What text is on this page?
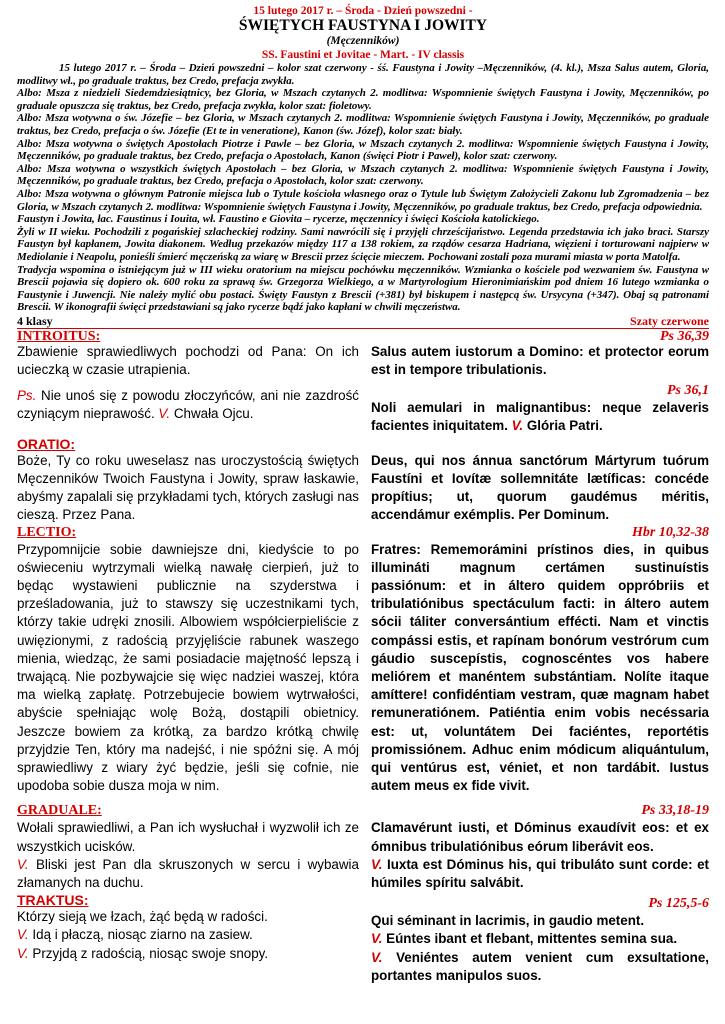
15 lutego 2017 r. – Środa - Dzień powszedni -
ŚWIĘTYCH FAUSTYNA I JOWITY
(Męczenników)
SS. Faustini et Jovitae - Mart. - IV classis

15 lutego 2017 r. – Środa – Dzień powszedni – kolor szat czerwony - śś. Faustyna i Jowity –Męczenników, (4. kl.), Msza Salus autem, Gloria, modlitwy wł., po graduale traktus, bez Credo, prefacja zwykła.

Albo: Msza z niedzieli Siedemdziesiątnicy, bez Gloria, w Mszach czytanych 2. modlitwa: Wspomnienie świętych Faustyna i Jowity, Męczenników, po graduale opuszcza się traktus, bez Credo, prefacja zwykła, kolor szat: fioletowy.

Albo: Msza wotywna o św. Józefie – bez Gloria, w Mszach czytanych 2. modlitwa: Wspomnienie świętych Faustyna i Jowity, Męczenników, po graduale traktus, bez Credo, prefacja o św. Józefie (Et te in veneratione), Kanon (św. Józef), kolor szat: biały.

Albo: Msza wotywna o świętych Apostołach Piotrze i Pawle – bez Gloria, w Mszach czytanych 2. modlitwa: Wspomnienie świętych Faustyna i Jowity, Męczenników, po graduale traktus, bez Credo, prefacja o Apostołach, Kanon (święci Piotr i Paweł), kolor szat: czerwony.

Albo: Msza wotywna o wszystkich świętych Apostołach – bez Gloria, w Mszach czytanych 2. modlitwa: Wspomnienie świętych Faustyna i Jowity, Męczenników, po graduale traktus, bez Credo, prefacja o Apostołach, kolor szat: czerwony.

Albo: Msza wotywna o głównym Patronie miejsca lub o Tytule kościoła własnego oraz o Tytule lub Świętym Założycieli Zakonu lub Zgromadzenia – bez Gloria, w Mszach czytanych 2. modlitwa: Wspomnienie świętych Faustyna i Jowity, Męczenników, po graduale traktus, bez Credo, prefacja odpowiednia.

Faustyn i Jowita, łac. Faustinus i Iouita, wł. Faustino e Giovita – rycerze, męczennicy i święci Kościoła katolickiego.

Żyli w II wieku. Pochodzili z pogańskiej szlacheckiej rodziny. Sami nawrócili się i przyjęli chrześcijaństwo. Legenda przedstawia ich jako braci. Starszy Faustyn był kapłanem, Jowita diakonem. Według przekazów między 117 a 138 rokiem, za rządów cesarza Hadriana, więzieni i torturowani najpierw w Mediolanie i Neapolu, ponieśli śmierć męczeńską za wiarę w Brescii przez ścięcie mieczem. Pochowani zostali poza murami miasta w porta Matolfa.

Tradycja wspomina o istniejącym już w III wieku oratorium na miejscu pochówku męczenników. Wzmianka o kościele pod wezwaniem św. Faustyna w Brescii pojawia się dopiero ok. 600 roku za sprawą św. Grzegorza Wielkiego, a w Martyrologium Hieronimiańskim pod dniem 16 lutego wzmianka o Faustynie i Juwencji. Nie należy mylić obu postaci. Święty Faustyn z Brescii (+381) był biskupem i następcą św. Ursycyna (+347). Obaj są patronami Brescii. W ikonografii święci przedstawiani są jako rycerze bądź jako kapłani w chwili męczeństwa.

4 klasy	Szaty czerwone
INTROITUS:	Ps 36,39

Zbawienie sprawiedliwych pochodzi od Pana: On ich ucieczką w czasie utrapienia.

Ps. Nie unoś się z powodu złoczyńców, ani nie zazdrość czyniącym nieprawość. V. Chwała Ojcu.

Salus autem iustorum a Domino: et protector eorum est in tempore tribulationis.

Ps 36,1

Noli aemulari in malignantibus: neque zelaveris facientes iniquitatem. V. Glória Patri.

ORATIO:

Boże, Ty co roku uweselasz nas uroczystością świętych Męczenników Twoich Faustyna i Jowity, spraw łaskawie, abyśmy zapalali się przykładami tych, których zasługi nas cieszą. Przez Pana.

Deus, qui nos ánnua sanctórum Mártyrum tuórum Faustíni et Iovítæ sollemnitáte lætíficas: concéde propítius; ut, quorum gaudémus méritis, accendámur exémplis. Per Dominum.

LECTIO:	Hbr 10,32-38

Przypomnijcie sobie dawniejsze dni, kiedyście to po oświeceniu wytrzymali wielką nawałę cierpień, już to będąc wystawieni publicznie na szyderstwa i prześladowania, już to stawszy się uczestnikami tych, którzy takie udręki znosili. Albowiem współcierpieliście z uwięzionymi, z radością przyjęliście rabunek waszego mienia, wiedząc, że sami posiadacie majętność lepszą i trwającą. Nie pozbywajcie się więc nadziei waszej, która ma wielką zapłatę. Potrzebujecie bowiem wytrwałości, abyście spełniając wolę Bożą, dostąpili obietnicy. Jeszcze bowiem za krótką, za bardzo krótką chwilę przyjdzie Ten, który ma nadejść, i nie spóźni się. A mój sprawiedliwy z wiary żyć będzie, jeśli się cofnie, nie upodoba sobie dusza moja w nim.

Fratres: Rememorámini prístinos dies, in quibus illumináti magnum certámen sustinuístis passiónum: et in áltero quidem oppróbriis et tribulatiónibus spectáculum facti: in áltero autem sócii táliter conversántium effécti. Nam et vinctis compássi estis, et rapínam bonórum vestrórum cum gáudio suscepístis, cognoscéntes vos habere meliórem et manéntem substántiam. Nolíte itaque amíttere! confidéntiam vestram, quæ magnam habet remuneratiónem. Patiéntia enim vobis necéssaria est: ut, voluntátem Dei faciéntes, reportétis promissiónem. Adhuc enim módicum aliquántulum, qui ventúrus est, véniet, et non tardábit. Iustus autem meus ex fide vivit.

GRADUALE:	Ps 33,18-19

Wołali sprawiedliwi, a Pan ich wysłuchał i wyzwolił ich ze wszystkich ucisków.

V. Bliski jest Pan dla skruszonych w sercu i wybawia złamanych na duchu.

TRAKTUS:

Którzy sieją we łzach, żąć będą w radości.

V. Idą i płaczą, niosąc ziarno na zasiew.

V. Przyjdą z radością, niosąc swoje snopy.

Clamavérunt iusti, et Dóminus exaudívit eos: et ex ómnibus tribulatiónibus eórum liberávit eos.

V. Iuxta est Dóminus his, qui tribuláto sunt corde: et húmiles spíritu salvábit.

Ps 125,5-6

Qui séminant in lacrimis, in gaudio metent.

V. Eúntes ibant et flebant, mittentes semina sua.

V. Veniéntes autem venient cum exsultatione, portantes manipulos suos.
